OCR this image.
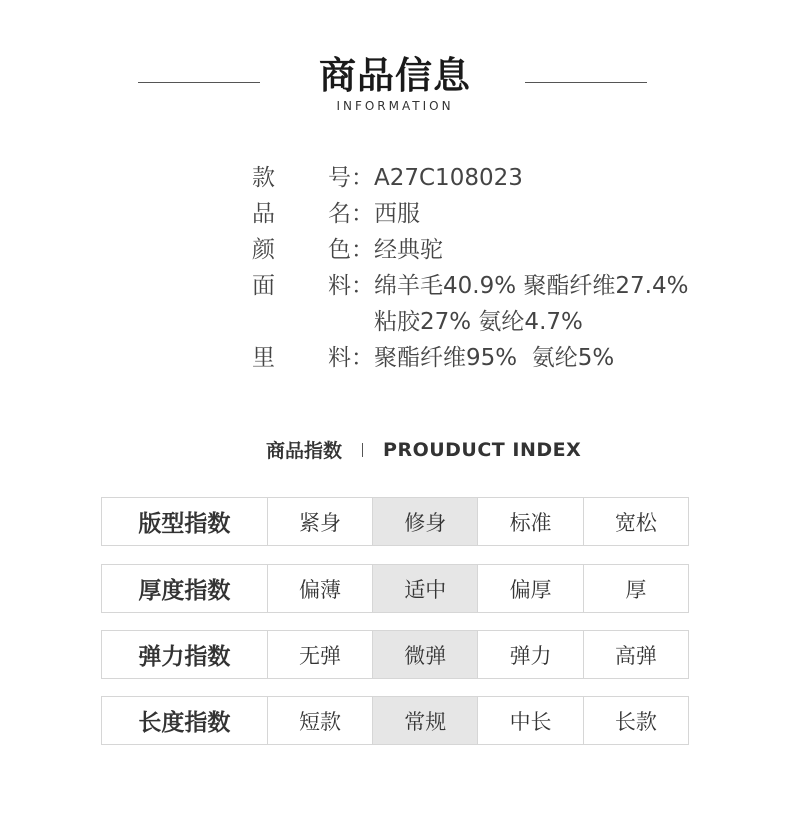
商品信息
INFORMATION
款 号 ： A27C108023
品 名 ： 西服
颜 色 ： 经典驼
面 料 ： 绵羊毛40.9% 聚酯纤维27.4%
粘胶27% 氨纶4.7%
里 料 ： 聚酯纤维95%  氨纶5%
商品指数 PROUDUCT INDEX
版型指数	紧身	修身	标准	宽松
厚度指数	偏薄	适中	偏厚	厚
弹力指数	无弹	微弹	弹力	高弹
长度指数	短款	常规	中长	长款
